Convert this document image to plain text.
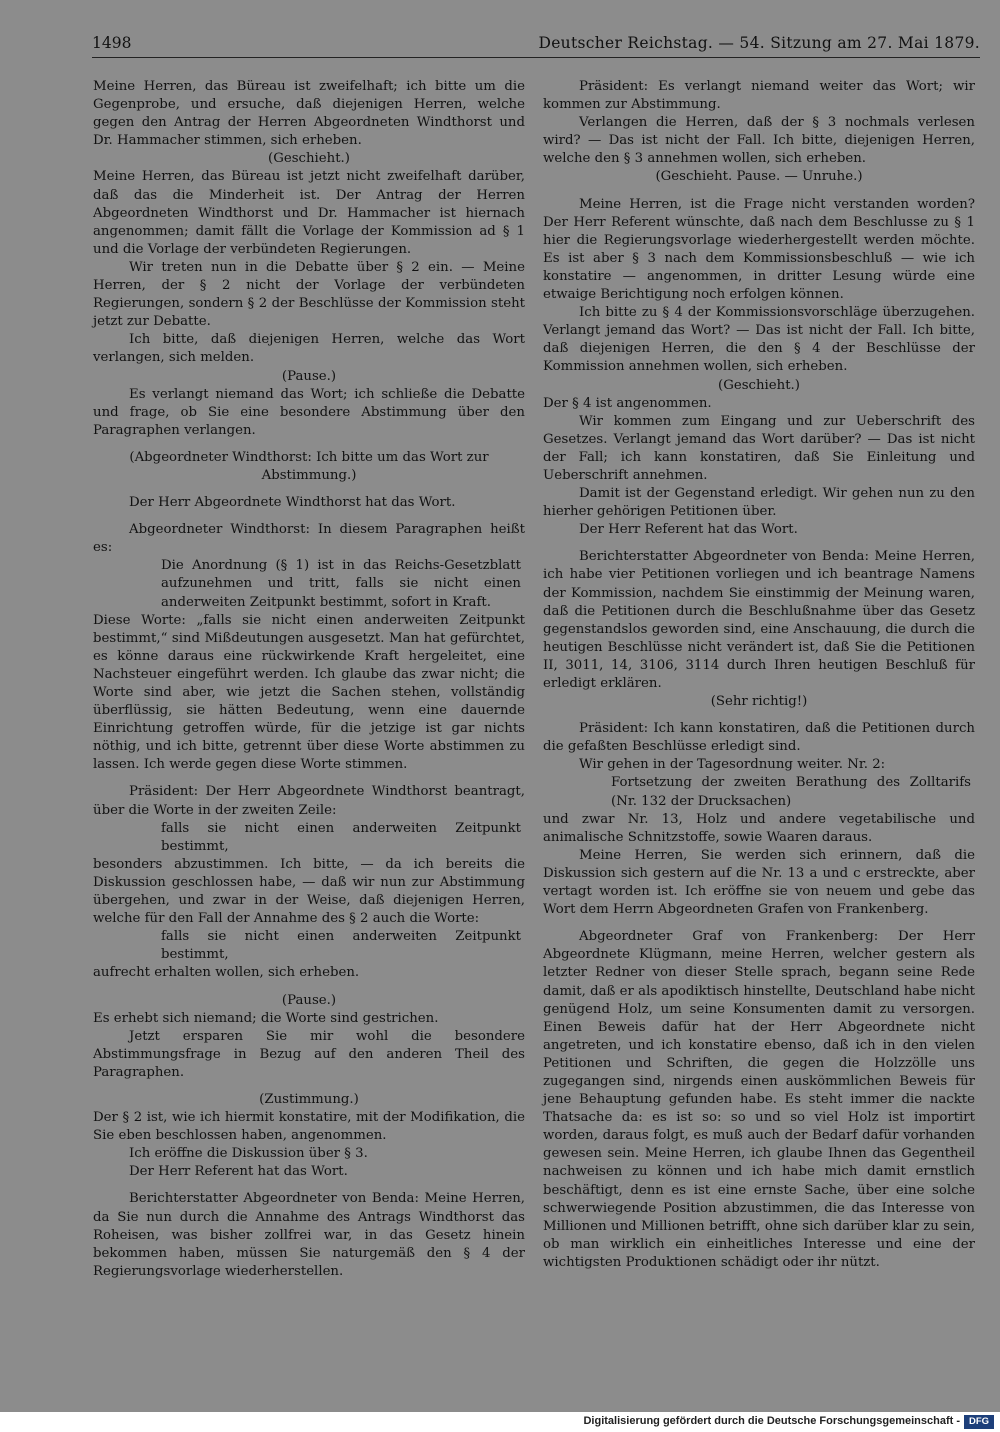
1498	Deutscher Reichstag. — 54. Sitzung am 27. Mai 1879.

Meine Herren, das Büreau ist zweifelhaft; ich bitte um die Gegenprobe, und ersuche, daß diejenigen Herren, welche gegen den Antrag der Herren Abgeordneten Windthorst und Dr. Hammacher stimmen, sich erheben.

(Geschieht.)

Meine Herren, das Büreau ist jetzt nicht zweifelhaft darüber, daß das die Minderheit ist. Der Antrag der Herren Abgeordneten Windthorst und Dr. Hammacher ist hiernach angenommen; damit fällt die Vorlage der Kommission ad § 1 und die Vorlage der verbündeten Regierungen.

Wir treten nun in die Debatte über § 2 ein. — Meine Herren, der § 2 nicht der Vorlage der verbündeten Regierungen, sondern § 2 der Beschlüsse der Kommission steht jetzt zur Debatte.

Ich bitte, daß diejenigen Herren, welche das Wort verlangen, sich melden.

(Pause.)

Es verlangt niemand das Wort; ich schließe die Debatte und frage, ob Sie eine besondere Abstimmung über den Paragraphen verlangen.

(Abgeordneter Windthorst: Ich bitte um das Wort zur Abstimmung.)

Der Herr Abgeordnete Windthorst hat das Wort.

Abgeordneter Windthorst: In diesem Paragraphen heißt es:

Die Anordnung (§ 1) ist in das Reichs-Gesetzblatt aufzunehmen und tritt, falls sie nicht einen anderweiten Zeitpunkt bestimmt, sofort in Kraft.

Diese Worte: „falls sie nicht einen anderweiten Zeitpunkt bestimmt,“ sind Mißdeutungen ausgesetzt. Man hat gefürchtet, es könne daraus eine rückwirkende Kraft hergeleitet, eine Nachsteuer eingeführt werden. Ich glaube das zwar nicht; die Worte sind aber, wie jetzt die Sachen stehen, vollständig überflüssig, sie hätten Bedeutung, wenn eine dauernde Einrichtung getroffen würde, für die jetzige ist gar nichts nöthig, und ich bitte, getrennt über diese Worte abstimmen zu lassen. Ich werde gegen diese Worte stimmen.

Präsident: Der Herr Abgeordnete Windthorst beantragt, über die Worte in der zweiten Zeile:

falls sie nicht einen anderweiten Zeitpunkt bestimmt,

besonders abzustimmen. Ich bitte, — da ich bereits die Diskussion geschlossen habe, — daß wir nun zur Abstimmung übergehen, und zwar in der Weise, daß diejenigen Herren, welche für den Fall der Annahme des § 2 auch die Worte:

falls sie nicht einen anderweiten Zeitpunkt bestimmt,

aufrecht erhalten wollen, sich erheben.

(Pause.)

Es erhebt sich niemand; die Worte sind gestrichen.

Jetzt ersparen Sie mir wohl die besondere Abstimmungsfrage in Bezug auf den anderen Theil des Paragraphen.

(Zustimmung.)

Der § 2 ist, wie ich hiermit konstatire, mit der Modifikation, die Sie eben beschlossen haben, angenommen.

Ich eröffne die Diskussion über § 3.

Der Herr Referent hat das Wort.

Berichterstatter Abgeordneter von Benda: Meine Herren, da Sie nun durch die Annahme des Antrags Windthorst das Roheisen, was bisher zollfrei war, in das Gesetz hinein bekommen haben, müssen Sie naturgemäß den § 4 der Regierungsvorlage wiederherstellen.

Präsident: Es verlangt niemand weiter das Wort; wir kommen zur Abstimmung.

Verlangen die Herren, daß der § 3 nochmals verlesen wird? — Das ist nicht der Fall. Ich bitte, diejenigen Herren, welche den § 3 annehmen wollen, sich erheben.

(Geschieht. Pause. — Unruhe.)

Meine Herren, ist die Frage nicht verstanden worden? Der Herr Referent wünschte, daß nach dem Beschlusse zu § 1 hier die Regierungsvorlage wiederhergestellt werden möchte. Es ist aber § 3 nach dem Kommissionsbeschluß — wie ich konstatire — angenommen, in dritter Lesung würde eine etwaige Berichtigung noch erfolgen können.

Ich bitte zu § 4 der Kommissionsvorschläge überzugehen. Verlangt jemand das Wort? — Das ist nicht der Fall. Ich bitte, daß diejenigen Herren, die den § 4 der Beschlüsse der Kommission annehmen wollen, sich erheben.

(Geschieht.)

Der § 4 ist angenommen.

Wir kommen zum Eingang und zur Ueberschrift des Gesetzes. Verlangt jemand das Wort darüber? — Das ist nicht der Fall; ich kann konstatiren, daß Sie Einleitung und Ueberschrift annehmen.

Damit ist der Gegenstand erledigt. Wir gehen nun zu den hierher gehörigen Petitionen über.

Der Herr Referent hat das Wort.

Berichterstatter Abgeordneter von Benda: Meine Herren, ich habe vier Petitionen vorliegen und ich beantrage Namens der Kommission, nachdem Sie einstimmig der Meinung waren, daß die Petitionen durch die Beschlußnahme über das Gesetz gegenstandslos geworden sind, eine Anschauung, die durch die heutigen Beschlüsse nicht verändert ist, daß Sie die Petitionen II, 3011, 14, 3106, 3114 durch Ihren heutigen Beschluß für erledigt erklären.

(Sehr richtig!)

Präsident: Ich kann konstatiren, daß die Petitionen durch die gefaßten Beschlüsse erledigt sind.

Wir gehen in der Tagesordnung weiter. Nr. 2:

Fortsetzung der zweiten Berathung des Zolltarifs (Nr. 132 der Drucksachen)

und zwar Nr. 13, Holz und andere vegetabilische und animalische Schnitzstoffe, sowie Waaren daraus.

Meine Herren, Sie werden sich erinnern, daß die Diskussion sich gestern auf die Nr. 13 a und c erstreckte, aber vertagt worden ist. Ich eröffne sie von neuem und gebe das Wort dem Herrn Abgeordneten Grafen von Frankenberg.

Abgeordneter Graf von Frankenberg: Der Herr Abgeordnete Klügmann, meine Herren, welcher gestern als letzter Redner von dieser Stelle sprach, begann seine Rede damit, daß er als apodiktisch hinstellte, Deutschland habe nicht genügend Holz, um seine Konsumenten damit zu versorgen. Einen Beweis dafür hat der Herr Abgeordnete nicht angetreten, und ich konstatire ebenso, daß ich in den vielen Petitionen und Schriften, die gegen die Holzzölle uns zugegangen sind, nirgends einen auskömmlichen Beweis für jene Behauptung gefunden habe. Es steht immer die nackte Thatsache da: es ist so: so und so viel Holz ist importirt worden, daraus folgt, es muß auch der Bedarf dafür vorhanden gewesen sein. Meine Herren, ich glaube Ihnen das Gegentheil nachweisen zu können und ich habe mich damit ernstlich beschäftigt, denn es ist eine ernste Sache, über eine solche schwerwiegende Position abzustimmen, die das Interesse von Millionen und Millionen betrifft, ohne sich darüber klar zu sein, ob man wirklich ein einheitliches Interesse und eine der wichtigsten Produktionen schädigt oder ihr nützt.

Digitalisierung gefördert durch die Deutsche Forschungsgemeinschaft - DFG
